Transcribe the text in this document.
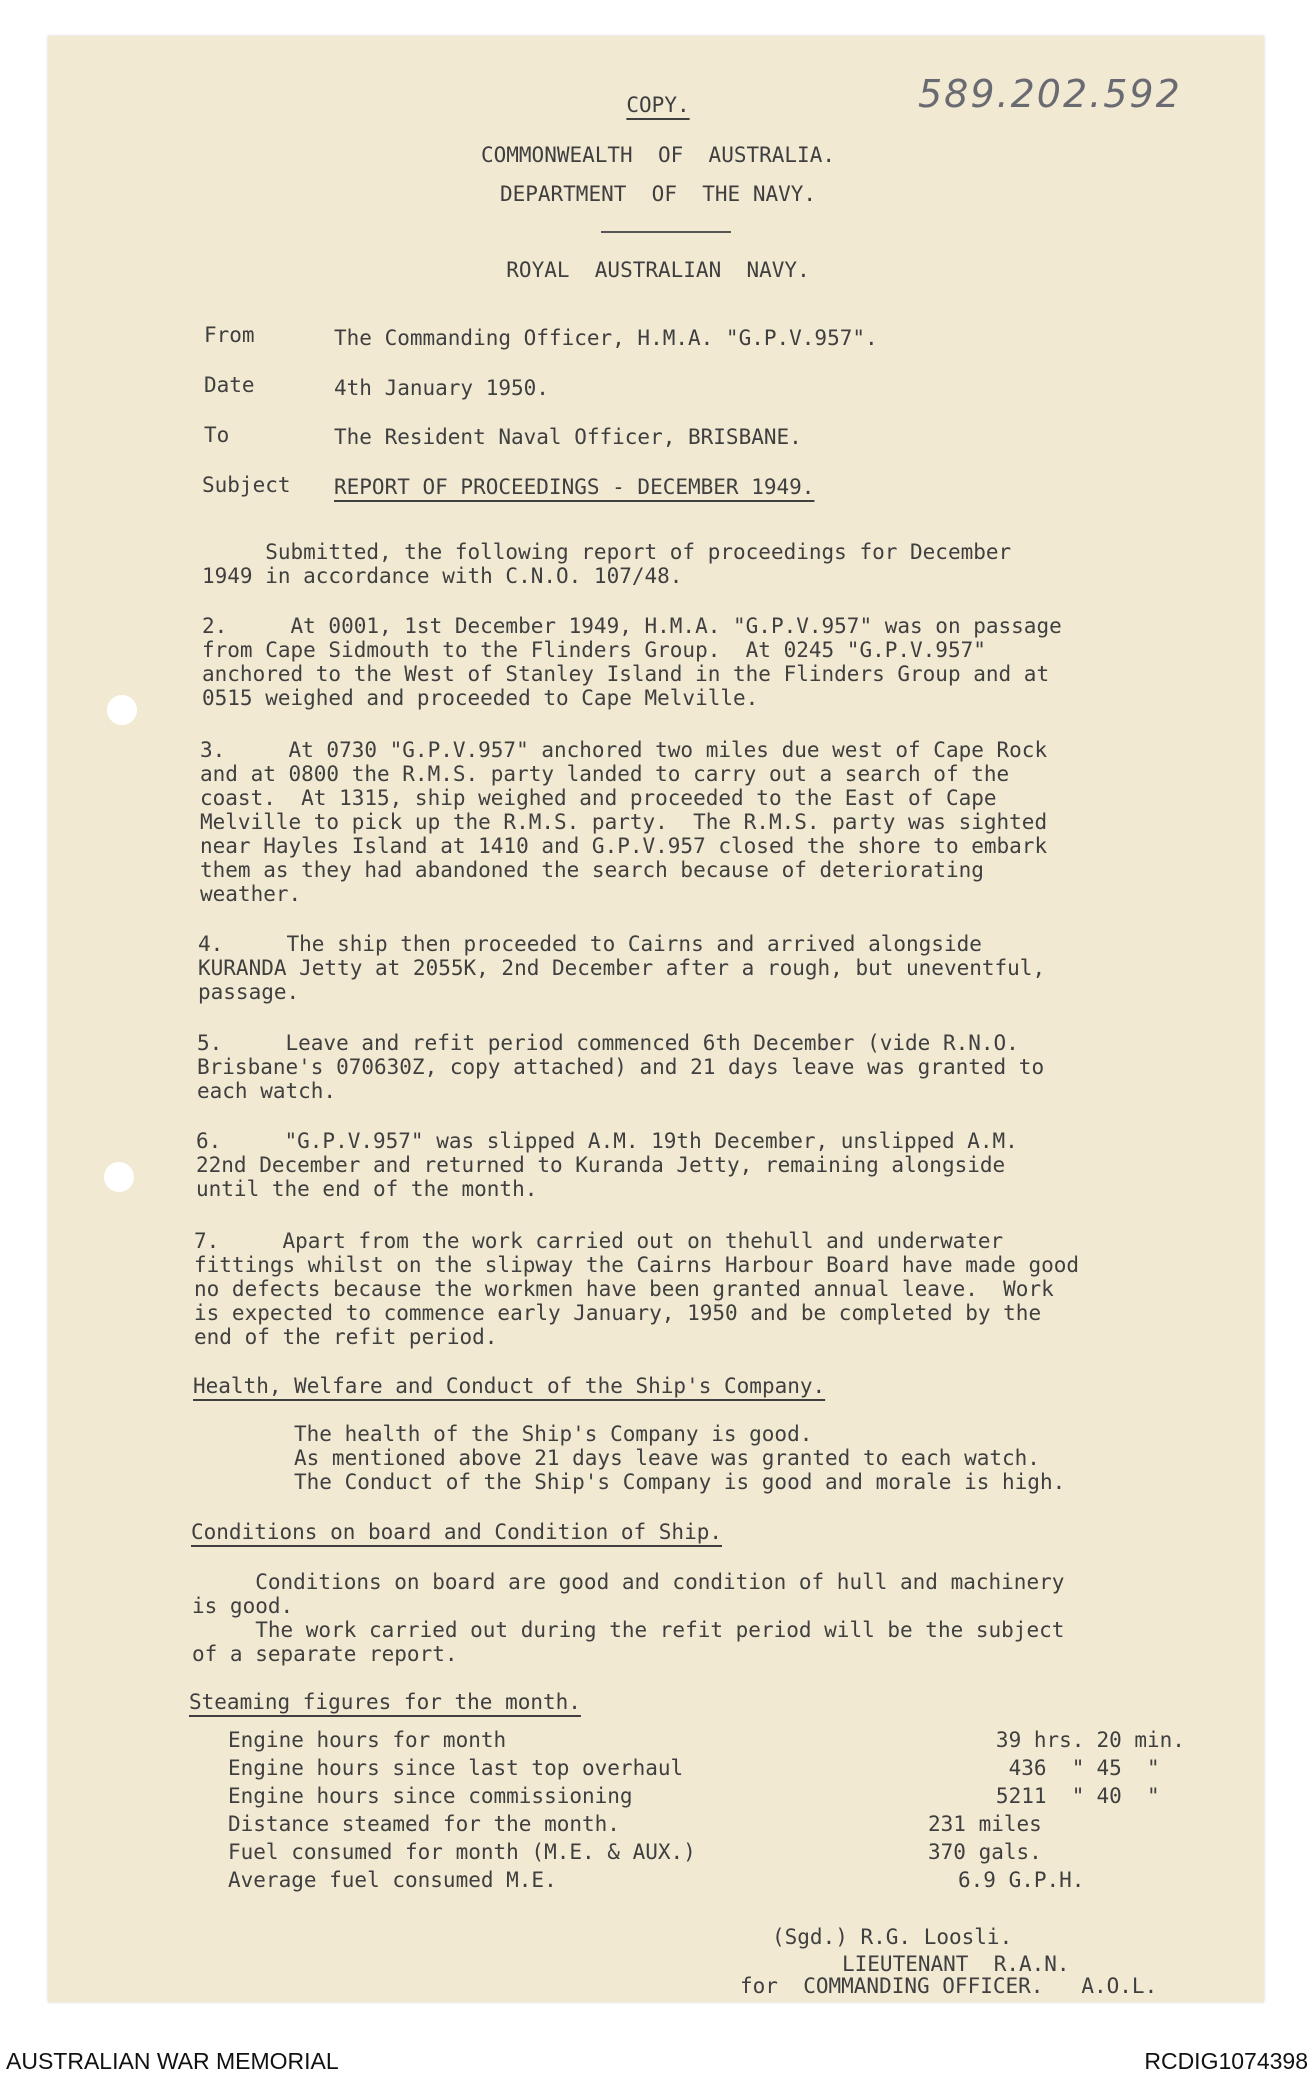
589.202.592
COPY.
COMMONWEALTH  OF  AUSTRALIA.
DEPARTMENT  OF  THE NAVY.
ROYAL  AUSTRALIAN  NAVY.
From	The Commanding Officer, H.M.A. "G.P.V.957".
Date	4th January 1950.
To	The Resident Naval Officer, BRISBANE.
Subject	REPORT OF PROCEEDINGS - DECEMBER 1949.
Submitted, the following report of proceedings for December
1949 in accordance with C.N.O. 107/48.
2.     At 0001, 1st December 1949, H.M.A. "G.P.V.957" was on passage
from Cape Sidmouth to the Flinders Group.  At 0245 "G.P.V.957"
anchored to the West of Stanley Island in the Flinders Group and at
0515 weighed and proceeded to Cape Melville.
3.     At 0730 "G.P.V.957" anchored two miles due west of Cape Rock
and at 0800 the R.M.S. party landed to carry out a search of the
coast.  At 1315, ship weighed and proceeded to the East of Cape
Melville to pick up the R.M.S. party.  The R.M.S. party was sighted
near Hayles Island at 1410 and G.P.V.957 closed the shore to embark
them as they had abandoned the search because of deteriorating
weather.
4.     The ship then proceeded to Cairns and arrived alongside
KURANDA Jetty at 2055K, 2nd December after a rough, but uneventful,
passage.
5.     Leave and refit period commenced 6th December (vide R.N.O.
Brisbane's 070630Z, copy attached) and 21 days leave was granted to
each watch.
6.     "G.P.V.957" was slipped A.M. 19th December, unslipped A.M.
22nd December and returned to Kuranda Jetty, remaining alongside
until the end of the month.
7.     Apart from the work carried out on thehull and underwater
fittings whilst on the slipway the Cairns Harbour Board have made good
no defects because the workmen have been granted annual leave.  Work
is expected to commence early January, 1950 and be completed by the
end of the refit period.
Health, Welfare and Conduct of the Ship's Company.
The health of the Ship's Company is good.
As mentioned above 21 days leave was granted to each watch.
The Conduct of the Ship's Company is good and morale is high.
Conditions on board and Condition of Ship.
Conditions on board are good and condition of hull and machinery
is good.
The work carried out during the refit period will be the subject
of a separate report.
Steaming figures for the month.
Engine hours for month	39 hrs.	20 min.
Engine hours since last top overhaul	436  "	45  "
Engine hours since commissioning	5211  "	40  "
Distance steamed for the month.	231 miles	
Fuel consumed for month (M.E. & AUX.)	370 gals.	
Average fuel consumed M.E.	6.9 G.P.H.	
(Sgd.) R.G. Loosli.
LIEUTENANT  R.A.N.
for  COMMANDING OFFICER.   A.O.L.
AUSTRALIAN WAR MEMORIAL	RCDIG1074398
